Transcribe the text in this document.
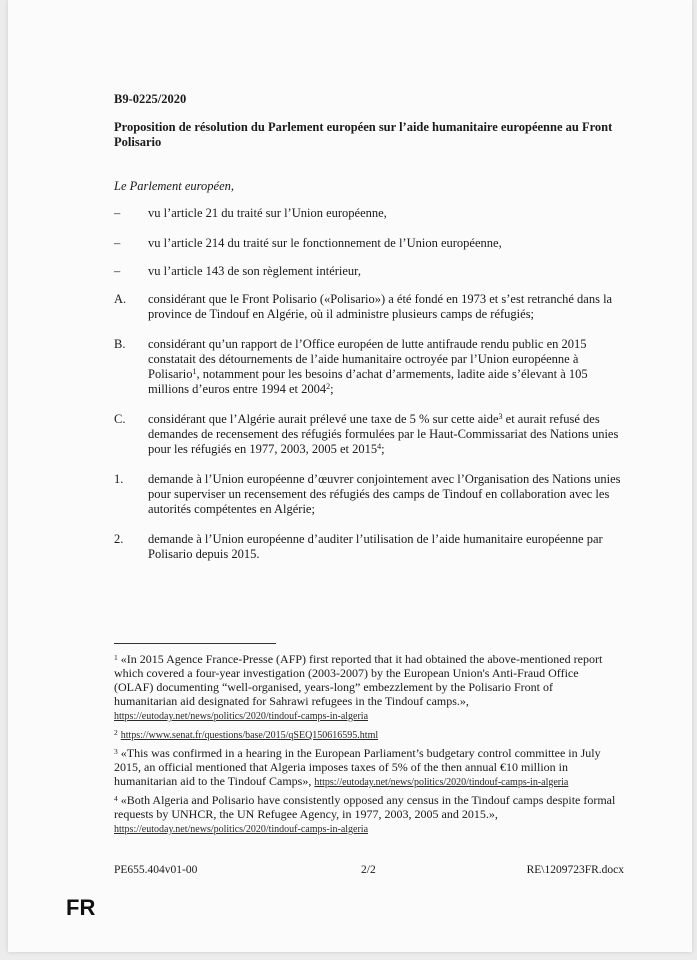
B9-0225/2020
Proposition de résolution du Parlement européen sur l’aide humanitaire européenne au Front Polisario
Le Parlement européen,
–	vu l’article 21 du traité sur l’Union européenne,
–	vu l’article 214 du traité sur le fonctionnement de l’Union européenne,
–	vu l’article 143 de son règlement intérieur,
A.	considérant que le Front Polisario («Polisario») a été fondé en 1973 et s’est retranché dans la province de Tindouf en Algérie, où il administre plusieurs camps de réfugiés;
B.	considérant qu’un rapport de l’Office européen de lutte antifraude rendu public en 2015 constatait des détournements de l’aide humanitaire octroyée par l’Union européenne à Polisario$^1$, notamment pour les besoins d’achat d’armements, ladite aide s’élevant à 105 millions d’euros entre 1994 et 2004$^2$;
C.	considérant que l’Algérie aurait prélevé une taxe de 5 % sur cette aide$^3$ et aurait refusé des demandes de recensement des réfugiés formulées par le Haut-Commissariat des Nations unies pour les réfugiés en 1977, 2003, 2005 et 2015$^4$;
1.	demande à l’Union européenne d’œuvrer conjointement avec l’Organisation des Nations unies pour superviser un recensement des réfugiés des camps de Tindouf en collaboration avec les autorités compétentes en Algérie;
2.	demande à l’Union européenne d’auditer l’utilisation de l’aide humanitaire européenne par Polisario depuis 2015.
$^1$ «In 2015 Agence France-Presse (AFP) first reported that it had obtained the above-mentioned report which covered a four-year investigation (2003-2007) by the European Union's Anti-Fraud Office (OLAF) documenting “well-organised, years-long” embezzlement by the Polisario Front of humanitarian aid designated for Sahrawi refugees in the Tindouf camps.», https://eutoday.net/news/politics/2020/tindouf-camps-in-algeria
$^2$ https://www.senat.fr/questions/base/2015/qSEQ150616595.html
$^3$ «This was confirmed in a hearing in the European Parliament’s budgetary control committee in July 2015, an official mentioned that Algeria imposes taxes of 5% of the then annual €10 million in humanitarian aid to the Tindouf Camps», https://eutoday.net/news/politics/2020/tindouf-camps-in-algeria
$^4$ «Both Algeria and Polisario have consistently opposed any census in the Tindouf camps despite formal requests by UNHCR, the UN Refugee Agency, in 1977, 2003, 2005 and 2015.», https://eutoday.net/news/politics/2020/tindouf-camps-in-algeria
PE655.404v01-00	2/2	RE\1209723FR.docx
FR
